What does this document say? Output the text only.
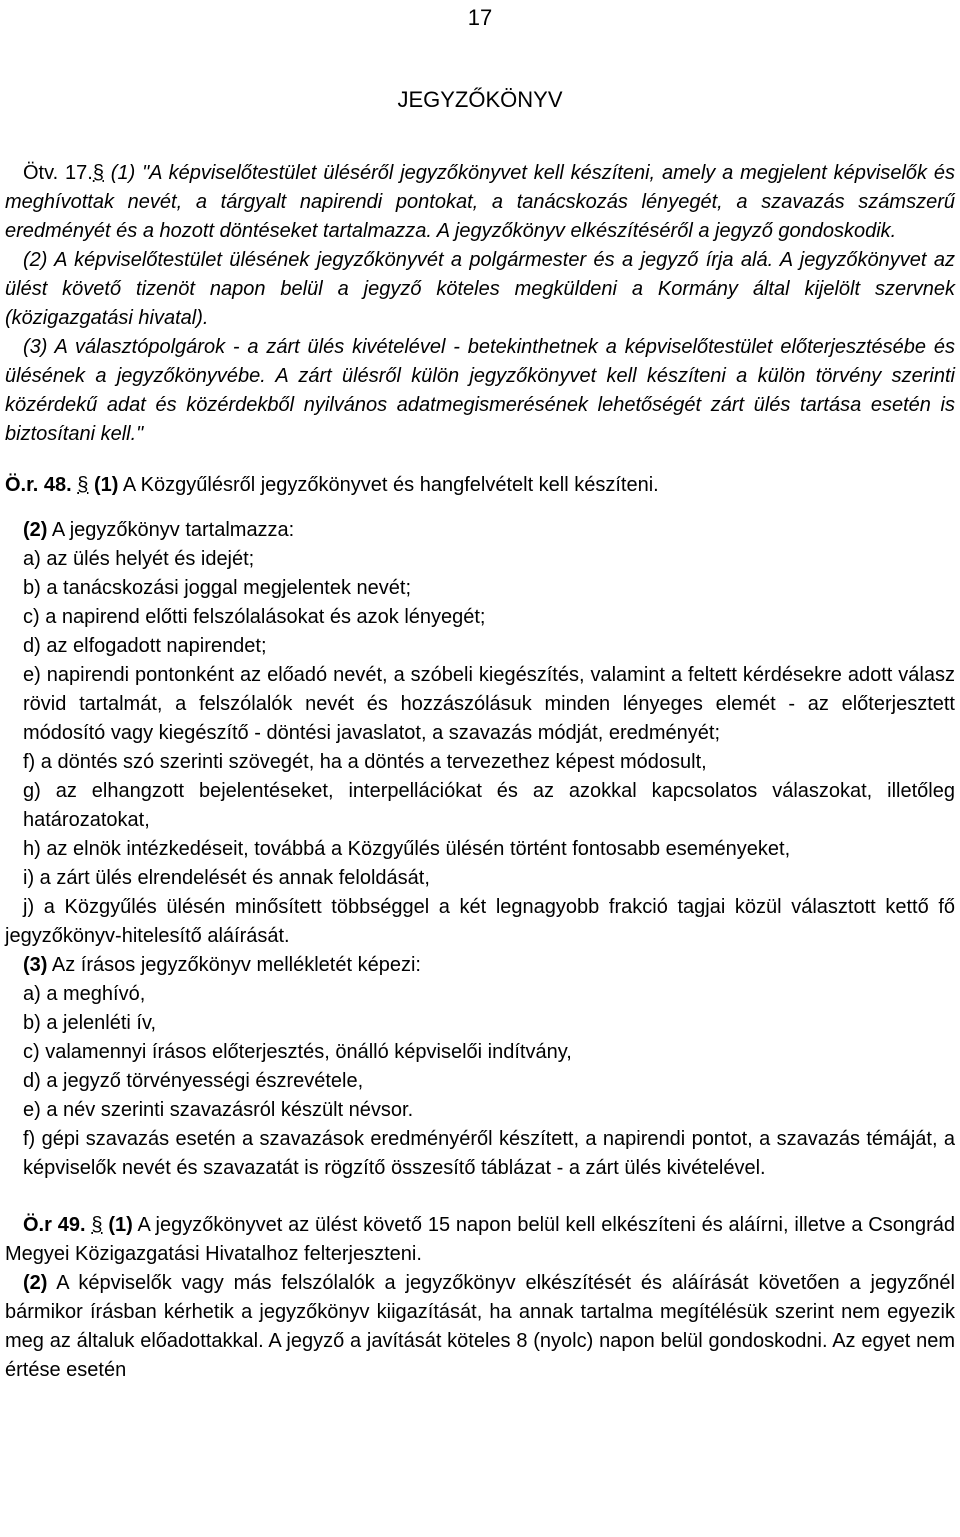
17
JEGYZŐKÖNYV

Ötv. 17.§ (1) "A képviselőtestület üléséről jegyzőkönyvet kell készíteni, amely a megjelent képviselők és meghívottak nevét, a tárgyalt napirendi pontokat, a tanácskozás lényegét, a szavazás számszerű eredményét és a hozott döntéseket tartalmazza. A jegyzőkönyv elkészítéséről a jegyző gondoskodik.

(2) A képviselőtestület ülésének jegyzőkönyvét a polgármester és a jegyző írja alá. A jegyzőkönyvet az ülést követő tizenöt napon belül a jegyző köteles megküldeni a Kormány által kijelölt szervnek (közigazgatási hivatal).

(3) A választópolgárok - a zárt ülés kivételével - betekinthetnek a képviselőtestület előterjesztésébe és ülésének a jegyzőkönyvébe. A zárt ülésről külön jegyzőkönyvet kell készíteni a külön törvény szerinti közérdekű adat és közérdekből nyilvános adatmegismerésének lehetőségét zárt ülés tartása esetén is biztosítani kell."

Ö.r. 48. § (1) A Közgyűlésről jegyzőkönyvet és hangfelvételt kell készíteni.

(2) A jegyzőkönyv tartalmazza:

a) az ülés helyét és idejét;

b) a tanácskozási joggal megjelentek nevét;

c) a napirend előtti felszólalásokat és azok lényegét;

d) az elfogadott napirendet;

e) napirendi pontonként az előadó nevét, a szóbeli kiegészítés, valamint a feltett kérdésekre adott válasz rövid tartalmát, a felszólalók nevét és hozzászólásuk minden lényeges elemét - az előterjesztett módosító vagy kiegészítő - döntési javaslatot, a szavazás módját, eredményét;

f) a döntés szó szerinti szövegét, ha a döntés a tervezethez képest módosult,

g) az elhangzott bejelentéseket, interpellációkat és az azokkal kapcsolatos válaszokat, illetőleg határozatokat,

h) az elnök intézkedéseit, továbbá a Közgyűlés ülésén történt fontosabb eseményeket,

i) a zárt ülés elrendelését és annak feloldását,

j) a Közgyűlés ülésén minősített többséggel a két legnagyobb frakció tagjai közül választott kettő fő jegyzőkönyv-hitelesítő aláírását.

(3) Az írásos jegyzőkönyv mellékletét képezi:

a) a meghívó,

b) a jelenléti ív,

c) valamennyi írásos előterjesztés, önálló képviselői indítvány,

d) a jegyző törvényességi észrevétele,

e) a név szerinti szavazásról készült névsor.

f) gépi szavazás esetén a szavazások eredményéről készített, a napirendi pontot, a szavazás témáját, a képviselők nevét és szavazatát is rögzítő összesítő táblázat - a zárt ülés kivételével.

Ö.r 49. § (1) A jegyzőkönyvet az ülést követő 15 napon belül kell elkészíteni és aláírni, illetve a Csongrád Megyei Közigazgatási Hivatalhoz felterjeszteni.

(2) A képviselők vagy más felszólalók a jegyzőkönyv elkészítését és aláírását követően a jegyzőnél bármikor írásban kérhetik a jegyzőkönyv kiigazítását, ha annak tartalma megítélésük szerint nem egyezik meg az általuk előadottakkal. A jegyző a javítását köteles 8 (nyolc) napon belül gondoskodni. Az egyet nem értése esetén
